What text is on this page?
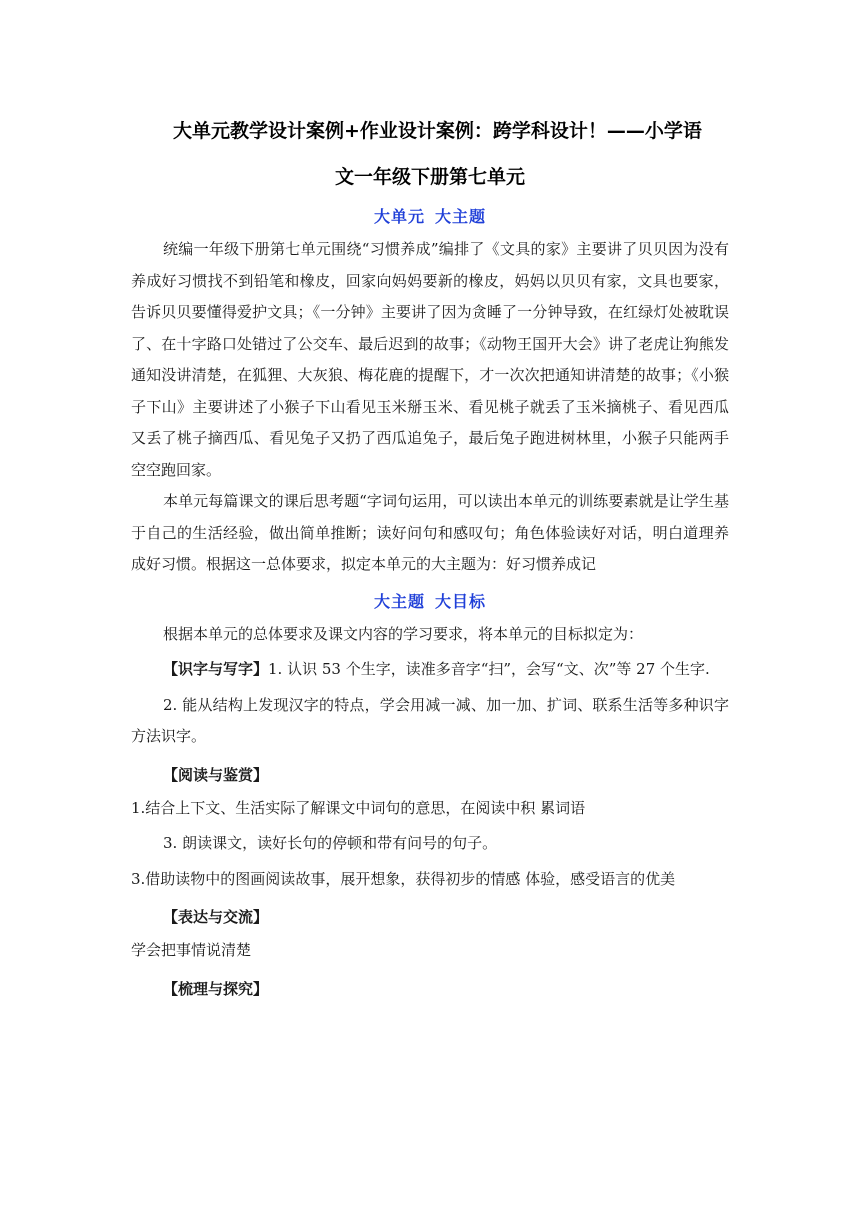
大单元教学设计案例+作业设计案例：跨学科设计！——小学语
文一年级下册第七单元
大单元 大主题

统编一年级下册第七单元围绕“习惯养成”编排了《文具的家》主要讲了贝贝因为没有养成好习惯找不到铅笔和橡皮，回家向妈妈要新的橡皮，妈妈以贝贝有家，文具也要家，告诉贝贝要懂得爱护文具；《一分钟》主要讲了因为贪睡了一分钟导致，在红绿灯处被耽误了、在十字路口处错过了公交车、最后迟到的故事；《动物王国开大会》讲了老虎让狗熊发通知没讲清楚，在狐狸、大灰狼、梅花鹿的提醒下，才一次次把通知讲清楚的故事；《小猴子下山》主要讲述了小猴子下山看见玉米掰玉米、看见桃子就丢了玉米摘桃子、看见西瓜又丢了桃子摘西瓜、看见兔子又扔了西瓜追兔子，最后兔子跑进树林里，小猴子只能两手空空跑回家。

本单元每篇课文的课后思考题“字词句运用，可以读出本单元的训练要素就是让学生基于自己的生活经验，做出简单推断；读好问句和感叹句；角色体验读好对话，明白道理养成好习惯。根据这一总体要求，拟定本单元的大主题为：好习惯养成记

大主题 大目标

根据本单元的总体要求及课文内容的学习要求，将本单元的目标拟定为：

【识字与写字】1. 认识 53 个生字，读准多音字“扫”，会写“文、次”等 27 个生字.

2. 能从结构上发现汉字的特点，学会用减一减、加一加、扩词、联系生活等多种识字方法识字。

【阅读与鉴赏】

1.结合上下文、生活实际了解课文中词句的意思，在阅读中积 累词语

3. 朗读课文，读好长句的停顿和带有问号的句子。

3.借助读物中的图画阅读故事，展开想象，获得初步的情感 体验，感受语言的优美

【表达与交流】

学会把事情说清楚

【梳理与探究】
